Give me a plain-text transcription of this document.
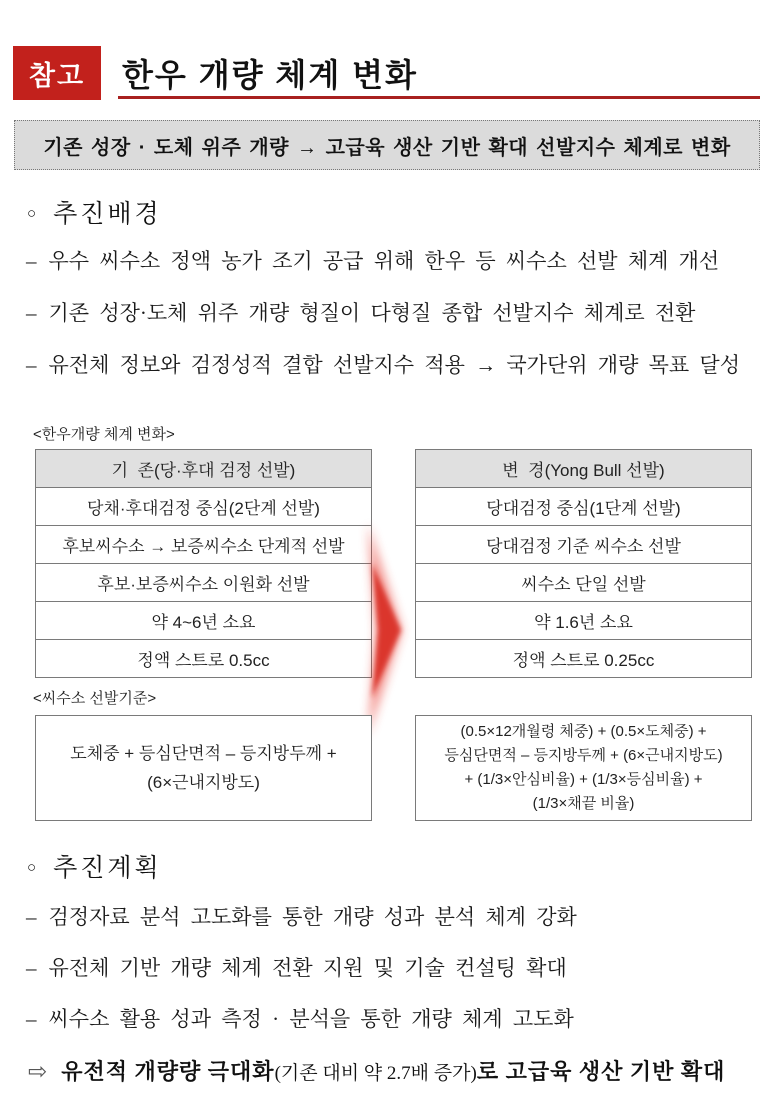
참고	한우 개량 체계 변화
기존 성장 · 도체 위주 개량 → 고급육 생산 기반 확대 선발지수 체계로 변화
○ 추진배경
– 우수 씨수소 정액 농가 조기 공급 위해 한우 등 씨수소 선발 체계 개선
– 기존 성장·도체 위주 개량 형질이 다형질 종합 선발지수 체계로 전환
– 유전체 정보와 검정성적 결합 선발지수 적용 → 국가단위 개량 목표 달성
<한우개량 체계 변화>
기  존(당·후대 검정 선발)
당채·후대검정 중심(2단계 선발)
후보씨수소 → 보증씨수소 단계적 선발
후보·보증씨수소 이원화 선발
약 4~6년 소요
정액 스트로 0.5cc
변  경(Yong Bull 선발)
당대검정 중심(1단계 선발)
당대검정 기준 씨수소 선발
씨수소 단일 선발
약 1.6년 소요
정액 스트로 0.25cc
<씨수소 선발기준>
도체중 + 등심단면적 – 등지방두께 +
(6×근내지방도)
(0.5×12개월령 체중) + (0.5×도체중) +
등심단면적 – 등지방두께 + (6×근내지방도)
+ (1/3×안심비율) + (1/3×등심비율) +
(1/3×채끝 비율)
○ 추진계획
– 검정자료 분석 고도화를 통한 개량 성과 분석 체계 강화
– 유전체 기반 개량 체계 전환 지원 및 기술 컨설팅 확대
– 씨수소 활용 성과 측정 · 분석을 통한 개량 체계 고도화
⇨ 유전적 개량량 극대화(기존 대비 약 2.7배 증가)로 고급육 생산 기반 확대
